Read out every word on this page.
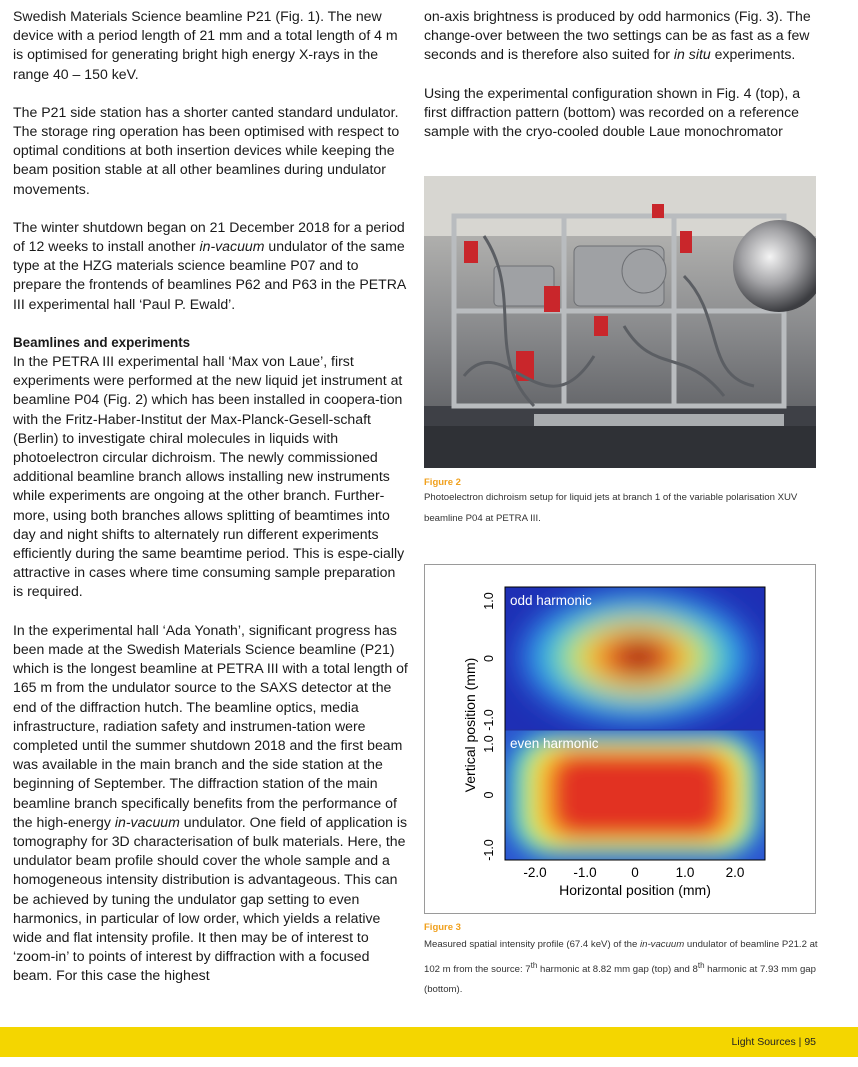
Swedish Materials Science beamline P21 (Fig. 1). The new device with a period length of 21 mm and a total length of 4 m is optimised for generating bright high energy X-rays in the range 40 – 150 keV.

The P21 side station has a shorter canted standard undulator. The storage ring operation has been optimised with respect to optimal conditions at both insertion devices while keeping the beam position stable at all other beamlines during undulator movements.

The winter shutdown began on 21 December 2018 for a period of 12 weeks to install another in-vacuum undulator of the same type at the HZG materials science beamline P07 and to prepare the frontends of beamlines P62 and P63 in the PETRA III experimental hall ‘Paul P. Ewald’.

Beamlines and experiments

In the PETRA III experimental hall ‘Max von Laue’, first experiments were performed at the new liquid jet instrument at beamline P04 (Fig. 2) which has been installed in coopera-tion with the Fritz-Haber-Institut der Max-Planck-Gesell-schaft (Berlin) to investigate chiral molecules in liquids with photoelectron circular dichroism. The newly commissioned additional beamline branch allows installing new instruments while experiments are ongoing at the other branch. Further-more, using both branches allows splitting of beamtimes into day and night shifts to alternately run different experiments efficiently during the same beamtime period. This is espe-cially attractive in cases where time consuming sample preparation is required.

In the experimental hall ‘Ada Yonath’, significant progress has been made at the Swedish Materials Science beamline (P21) which is the longest beamline at PETRA III with a total length of 165 m from the undulator source to the SAXS detector at the end of the diffraction hutch. The beamline optics, media infrastructure, radiation safety and instrumen-tation were completed until the summer shutdown 2018 and the first beam was available in the main branch and the side station at the beginning of September. The diffraction station of the main beamline branch specifically benefits from the performance of the high-energy in-vacuum undulator. One field of application is tomography for 3D characterisation of bulk materials. Here, the undulator beam profile should cover the whole sample and a homogeneous intensity distribution is advantageous. This can be achieved by tuning the undulator gap setting to even harmonics, in particular of low order, which yields a relative wide and flat intensity profile. It then may be of interest to ‘zoom-in’ to points of interest by diffraction with a focused beam. For this case the highest

on-axis brightness is produced by odd harmonics (Fig. 3). The change-over between the two settings can be as fast as a few seconds and is therefore also suited for in situ experiments.

Using the experimental configuration shown in Fig. 4 (top), a first diffraction pattern (bottom) was recorded on a reference sample with the cryo-cooled double Laue monochromator

Figure 2
Photoelectron dichroism setup for liquid jets at branch 1 of the variable polarisation XUV beamline P04 at PETRA III.
odd harmonic
even harmonic
1.0
0
-1.0
1.0
0
-1.0
-2.0 -1.0	0	1.0 2.0
Horizontal position (mm)
Vertical position (mm)
Figure 3
Measured spatial intensity profile (67.4 keV) of the in-vacuum undulator of beamline P21.2 at 102 m from the source: 7th harmonic at 8.82 mm gap (top) and 8th harmonic at 7.93 mm gap (bottom).
Light Sources | 95
